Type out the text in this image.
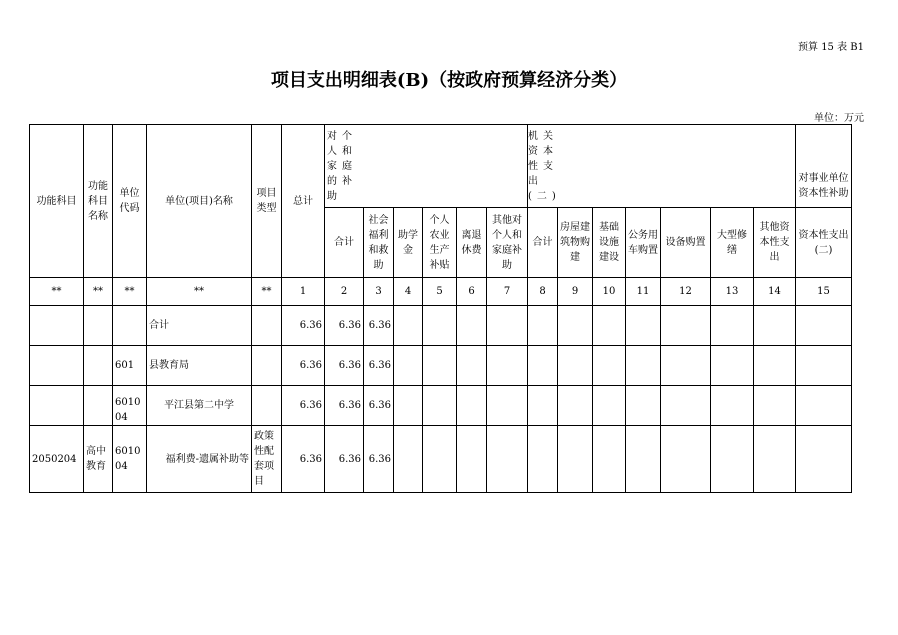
预算 15 表 B1
项目支出明细表(B)（按政府预算经济分类）
单位：万元
功能科目	功能科目名称	单位代码	单位(项目)名称	项目类型	总计	对个人和家庭的补助						机关资本性支出(二)							对事业单位资本性补助
						合计	社会福利和救助	助学金	个人农业生产补贴	离退休费	其他对个人和家庭补助	合计	房屋建筑物购建	基础设施建设	公务用车购置	设备购置	大型修缮	其他资本性支出	资本性支出(二)
**	**	**	**	**	1	2	3	4	5	6	7	8	9	10	11	12	13	14	15
			合计		6.36	6.36	6.36												
		601	县教育局		6.36	6.36	6.36												
		601004	平江县第二中学		6.36	6.36	6.36												
2050204	高中教育	601004	福利费-遗属补助等	政策性配套项目	6.36	6.36	6.36												
